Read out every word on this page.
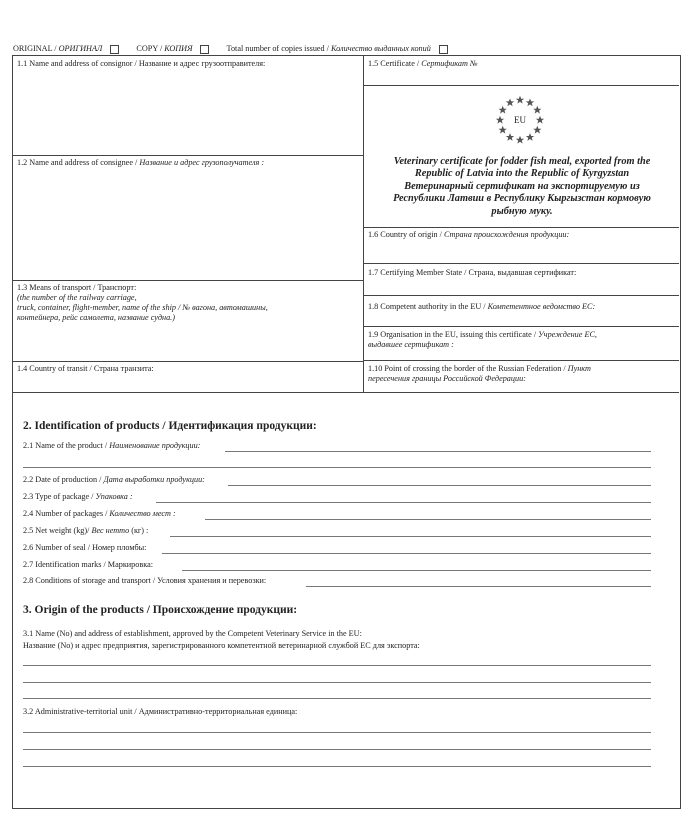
ORIGINAL / ОРИГИНАЛ	COPY / КОПИЯ	Total number of copies issued / Количество выданных копий
1.1 Name and address of consignor / Название и адрес грузоотправителя:
1.2 Name and address of consignee / Название и адрес грузополучателя :
1.3 Means of transport / Транспорт:
(the number of the railway carriage,
truck, container, flight-member, name of the ship / № вагона, автомашины,
контейнера, рейс самолета, название судна.)
1.4 Country of transit / Страна транзита:
1.5 Certificate / Сертификат №
EU
Veterinary certificate for fodder fish meal, exported from the
Republic of Latvia into the Republic of Kyrgyzstan
Ветеринарный сертификат на экспортируемую из
Республики Латвии в Республику Кыргызстан кормовую
рыбную муку.
1.6 Country of origin / Страна происхождения продукции:
1.7 Certifying Member State / Страна, выдавшая сертификат:
1.8 Competent authority in the EU / Компетентное ведомство ЕС:
1.9 Organisation in the EU, issuing this certificate / Учреждение ЕС,
выдавшее сертификат :
1.10 Point of crossing the border of the Russian Federation / Пункт
пересечения границы Российской Федерации:
2. Identification of products / Идентификация продукции:
2.1 Name of the product / Наименование продукции:
2.2 Date of production / Дата выработки продукции:
2.3 Type of package / Упаковка :
2.4 Number of packages / Количество мест :
2.5 Net weight (kg)/ Вес нетто (кг) :
2.6 Number of seal / Номер пломбы:
2.7 Identification marks / Маркировка:
2.8 Conditions of storage and transport / Условия хранения и перевозки:
3. Origin of the products / Происхождение продукции:
3.1 Name (No) and address of establishment, approved by the Competent Veterinary Service in the EU:
Название (No) и адрес предприятия, зарегистрированного компетентной ветеринарной службой ЕС для экспорта:
3.2 Administrative-territorial unit / Административно-территориальная единица:
